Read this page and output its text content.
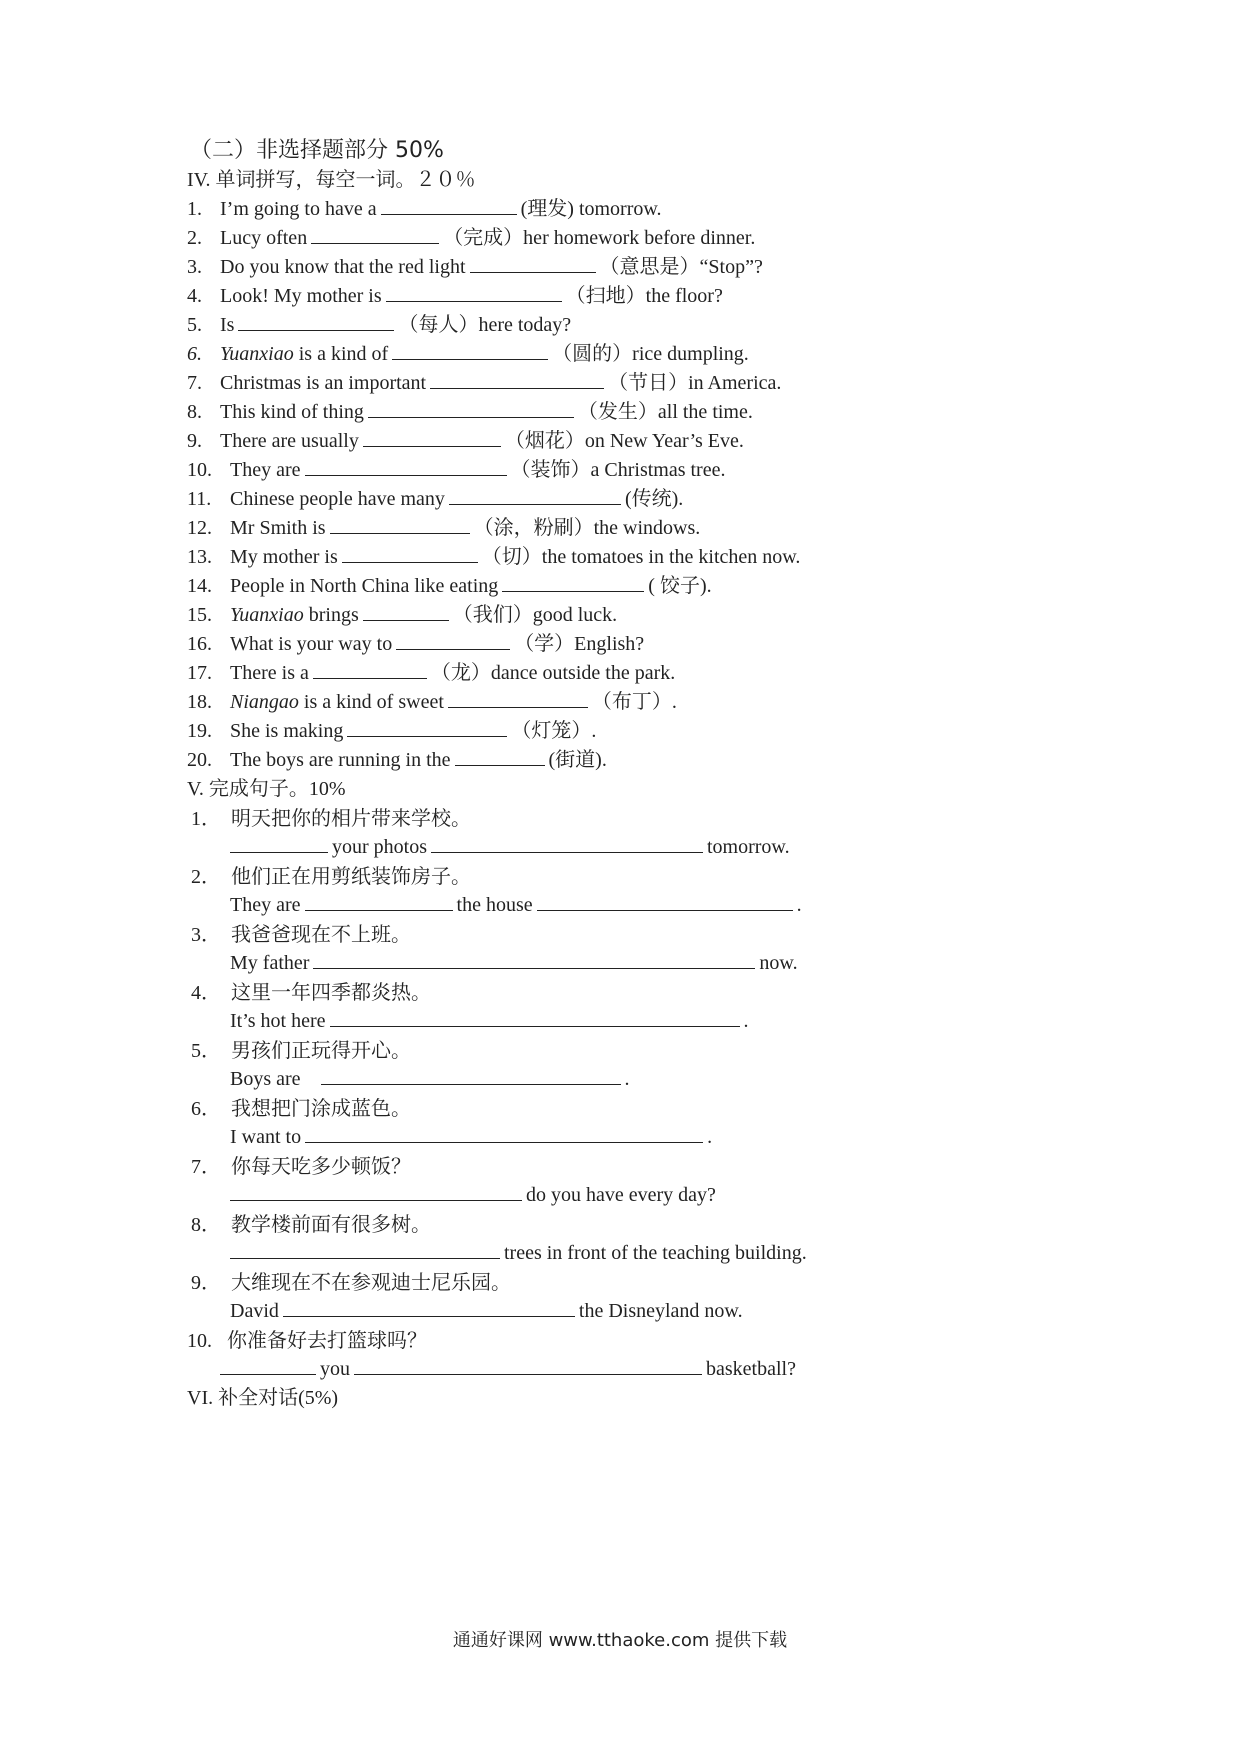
（二）非选择题部分 50%
IV. 单词拼写，每空一词。２０％
1. I’m going to have a	(理发) tomorrow.
2. Lucy often	（完成）her homework before dinner.
3. Do you know that the red light	（意思是）“Stop”?
4. Look! My mother is	（扫地）the floor?
5. Is	（每人）here today?
6. Yuanxiao is a kind of	（圆的）rice dumpling.
7. Christmas is an important	（节日）in America.
8. This kind of thing	（发生）all the time.
9. There are usually	（烟花）on New Year’s Eve.
10. They are	（装饰）a Christmas tree.
11. Chinese people have many	(传统).
12. Mr Smith is	（涂，粉刷）the windows.
13. My mother is	（切）the tomatoes in the kitchen now.
14. People in North China like eating	( 饺子).
15. Yuanxiao brings	（我们）good luck.
16. What is your way to	（学）English?
17. There is a	（龙）dance outside the park.
18. Niangao is a kind of sweet	（布丁）.
19. She is making	（灯笼）.
20. The boys are running in the	(街道).
V. 完成句子。10%
1． 明天把你的相片带来学校。
your photos	tomorrow.
2． 他们正在用剪纸装饰房子。
They are	the house	.
3． 我爸爸现在不上班。
My father	now.
4． 这里一年四季都炎热。
It’s hot here	.
5． 男孩们正玩得开心。
Boys are	.
6． 我想把门涂成蓝色。
I want to	.
7． 你每天吃多少顿饭？
do you have every day?
8． 教学楼前面有很多树。
trees in front of the teaching building.
9． 大维现在不在参观迪士尼乐园。
David	the Disneyland now.
10. 你准备好去打篮球吗？
you	basketball?
VI. 补全对话(5%)
通通好课网 www.tthaoke.com 提供下载
